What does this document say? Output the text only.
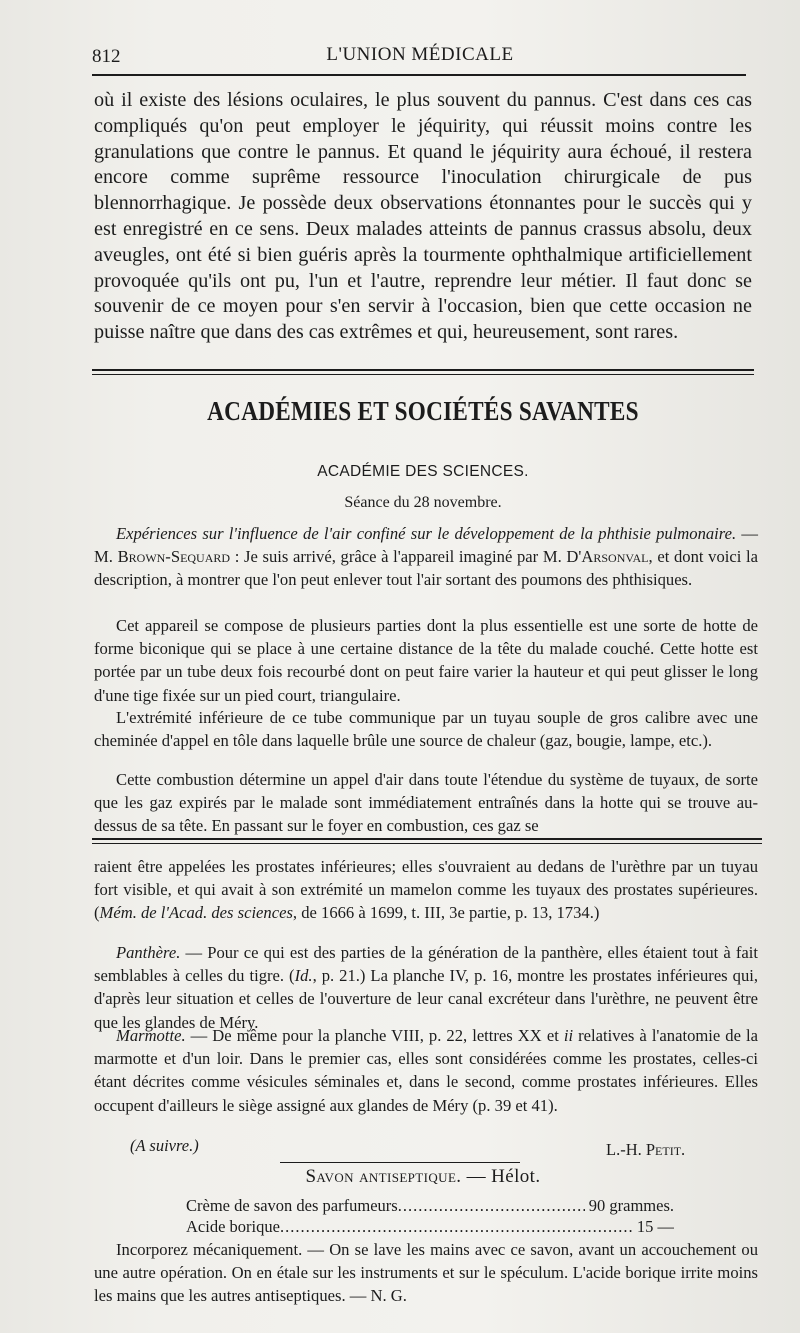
812	L'UNION MÉDICALE

où il existe des lésions oculaires, le plus souvent du pannus. C'est dans ces cas compliqués qu'on peut employer le jéquirity, qui réussit moins contre les granulations que contre le pannus. Et quand le jéquirity aura échoué, il restera encore comme suprême ressource l'inoculation chirurgicale de pus blennorrhagique. Je possède deux observations étonnantes pour le succès qui y est enregistré en ce sens. Deux malades atteints de pannus crassus absolu, deux aveugles, ont été si bien guéris après la tourmente ophthalmique artificiellement provoquée qu'ils ont pu, l'un et l'autre, reprendre leur métier. Il faut donc se souvenir de ce moyen pour s'en servir à l'occasion, bien que cette occasion ne puisse naître que dans des cas extrêmes et qui, heureusement, sont rares.

ACADÉMIES ET SOCIÉTÉS SAVANTES
ACADÉMIE DES SCIENCES.
Séance du 28 novembre.

Expériences sur l'influence de l'air confiné sur le développement de la phthisie pulmonaire. — M. Brown-Sequard : Je suis arrivé, grâce à l'appareil imaginé par M. D'Arsonval, et dont voici la description, à montrer que l'on peut enlever tout l'air sortant des poumons des phthisiques.

Cet appareil se compose de plusieurs parties dont la plus essentielle est une sorte de hotte de forme biconique qui se place à une certaine distance de la tête du malade couché. Cette hotte est portée par un tube deux fois recourbé dont on peut faire varier la hauteur et qui peut glisser le long d'une tige fixée sur un pied court, triangulaire.

L'extrémité inférieure de ce tube communique par un tuyau souple de gros calibre avec une cheminée d'appel en tôle dans laquelle brûle une source de chaleur (gaz, bougie, lampe, etc.).

Cette combustion détermine un appel d'air dans toute l'étendue du système de tuyaux, de sorte que les gaz expirés par le malade sont immédiatement entraînés dans la hotte qui se trouve au-dessus de sa tête. En passant sur le foyer en combustion, ces gaz se

raient être appelées les prostates inférieures; elles s'ouvraient au dedans de l'urèthre par un tuyau fort visible, et qui avait à son extrémité un mamelon comme les tuyaux des prostates supérieures. (Mém. de l'Acad. des sciences, de 1666 à 1699, t. III, 3e partie, p. 13, 1734.)

Panthère. — Pour ce qui est des parties de la génération de la panthère, elles étaient tout à fait semblables à celles du tigre. (Id., p. 21.) La planche IV, p. 16, montre les prostates inférieures qui, d'après leur situation et celles de l'ouverture de leur canal excréteur dans l'urèthre, ne peuvent être que les glandes de Méry.

Marmotte. — De même pour la planche VIII, p. 22, lettres XX et ii relatives à l'anatomie de la marmotte et d'un loir. Dans le premier cas, elles sont considérées comme les prostates, celles-ci étant décrites comme vésicules séminales et, dans le second, comme prostates inférieures. Elles occupent d'ailleurs le siège assigné aux glandes de Méry (p. 39 et 41).

(A suivre.)	L.-H. Petit.
Savon antiseptique. — Hélot.
Crème de savon des parfumeurs .....	90 grammes.
Acide borique .....	15 —

Incorporez mécaniquement. — On se lave les mains avec ce savon, avant un accouchement ou une autre opération. On en étale sur les instruments et sur le spéculum. L'acide borique irrite moins les mains que les autres antiseptiques. — N. G.
